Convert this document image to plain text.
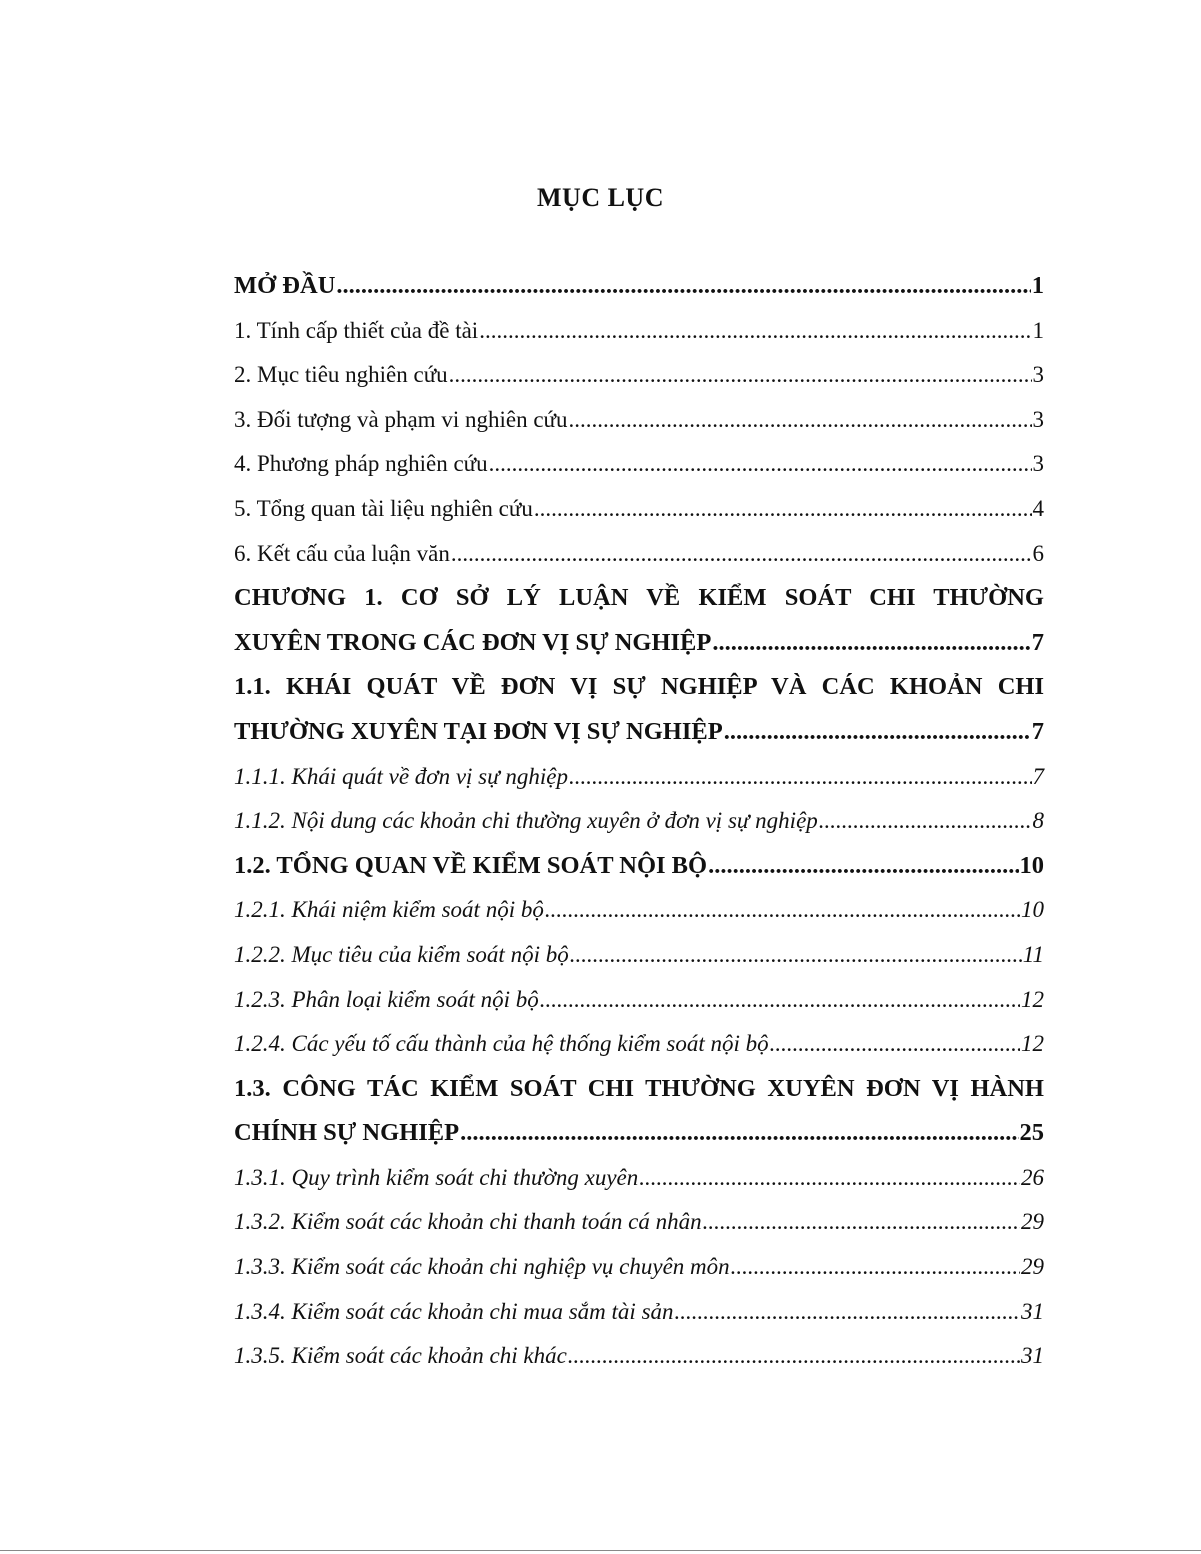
MỤC LỤC
MỞ ĐẦU .....	1
1. Tính cấp thiết của đề tài .....	1
2. Mục tiêu nghiên cứu .....	3
3. Đối tượng và phạm vi nghiên cứu .....	3
4. Phương pháp nghiên cứu .....	3
5. Tổng quan tài liệu nghiên cứu .....	4
6. Kết cấu của luận văn .....	6
CHƯƠNG 1. CƠ SỞ LÝ LUẬN VỀ KIỂM SOÁT CHI THƯỜNG
XUYÊN TRONG CÁC ĐƠN VỊ SỰ NGHIỆP .....	7
1.1. KHÁI QUÁT VỀ ĐƠN VỊ SỰ NGHIỆP VÀ CÁC KHOẢN CHI
THƯỜNG XUYÊN TẠI ĐƠN VỊ SỰ NGHIỆP .....	7
1.1.1. Khái quát về đơn vị sự nghiệp .....	7
1.1.2. Nội dung các khoản chi thường xuyên ở đơn vị sự nghiệp .....	8
1.2. TỔNG QUAN VỀ KIỂM SOÁT NỘI BỘ .....	10
1.2.1. Khái niệm kiểm soát nội bộ .....	10
1.2.2. Mục tiêu của kiểm soát nội bộ .....	11
1.2.3. Phân loại kiểm soát nội bộ .....	12
1.2.4. Các yếu tố cấu thành của hệ thống kiểm soát nội bộ .....	12
1.3. CÔNG TÁC KIỂM SOÁT CHI THƯỜNG XUYÊN ĐƠN VỊ HÀNH
CHÍNH SỰ NGHIỆP .....	25
1.3.1. Quy trình kiểm soát chi thường xuyên .....	26
1.3.2. Kiểm soát các khoản chi thanh toán cá nhân .....	29
1.3.3. Kiểm soát các khoản chi nghiệp vụ chuyên môn .....	29
1.3.4. Kiểm soát các khoản chi mua sắm tài sản .....	31
1.3.5. Kiểm soát các khoản chi khác .....	31
